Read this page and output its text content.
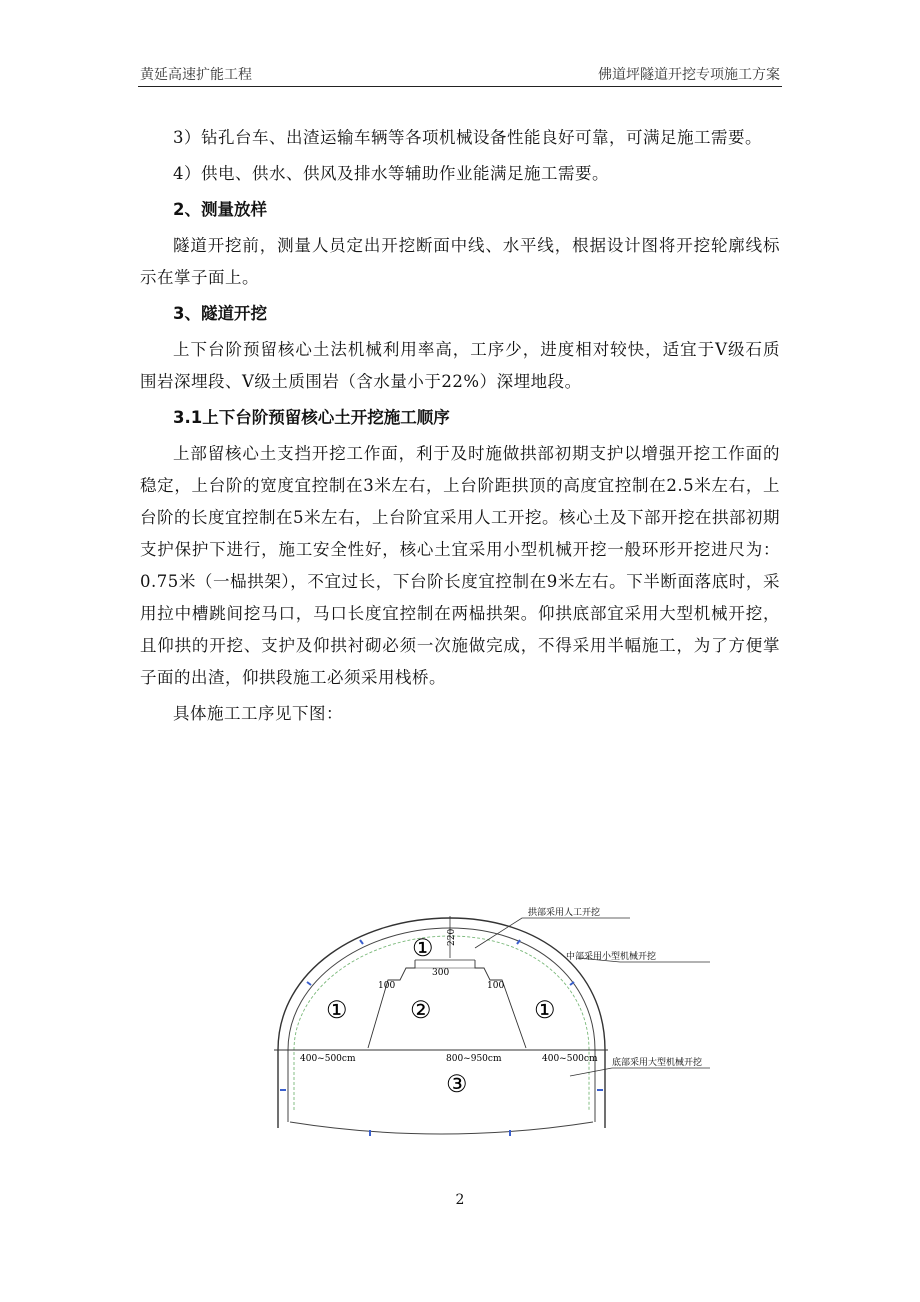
黄延高速扩能工程	佛道坪隧道开挖专项施工方案

3）钻孔台车、出渣运输车辆等各项机械设备性能良好可靠，可满足施工需要。

4）供电、供水、供风及排水等辅助作业能满足施工需要。

2、测量放样

隧道开挖前，测量人员定出开挖断面中线、水平线，根据设计图将开挖轮廓线标示在掌子面上。

3、隧道开挖

上下台阶预留核心土法机械利用率高，工序少，进度相对较快，适宜于Ⅴ级石质围岩深埋段、Ⅴ级土质围岩（含水量小于22%）深埋地段。

3.1上下台阶预留核心土开挖施工顺序

上部留核心土支挡开挖工作面，利于及时施做拱部初期支护以增强开挖工作面的稳定，上台阶的宽度宜控制在3米左右，上台阶距拱顶的高度宜控制在2.5米左右，上台阶的长度宜控制在5米左右，上台阶宜采用人工开挖。核心土及下部开挖在拱部初期支护保护下进行，施工安全性好，核心土宜采用小型机械开挖一般环形开挖进尺为：0.75米（一榀拱架），不宜过长，下台阶长度宜控制在9米左右。下半断面落底时，采用拉中槽跳间挖马口，马口长度宜控制在两榀拱架。仰拱底部宜采用大型机械开挖，且仰拱的开挖、支护及仰拱衬砌必须一次施做完成，不得采用半幅施工，为了方便掌子面的出渣，仰拱段施工必须采用栈桥。

具体施工工序见下图：

220
300
100	100
①
①	②	①
③
400~500cm	800~950cm	400~500cm
拱部采用人工开挖
中部采用小型机械开挖
底部采用大型机械开挖
2
